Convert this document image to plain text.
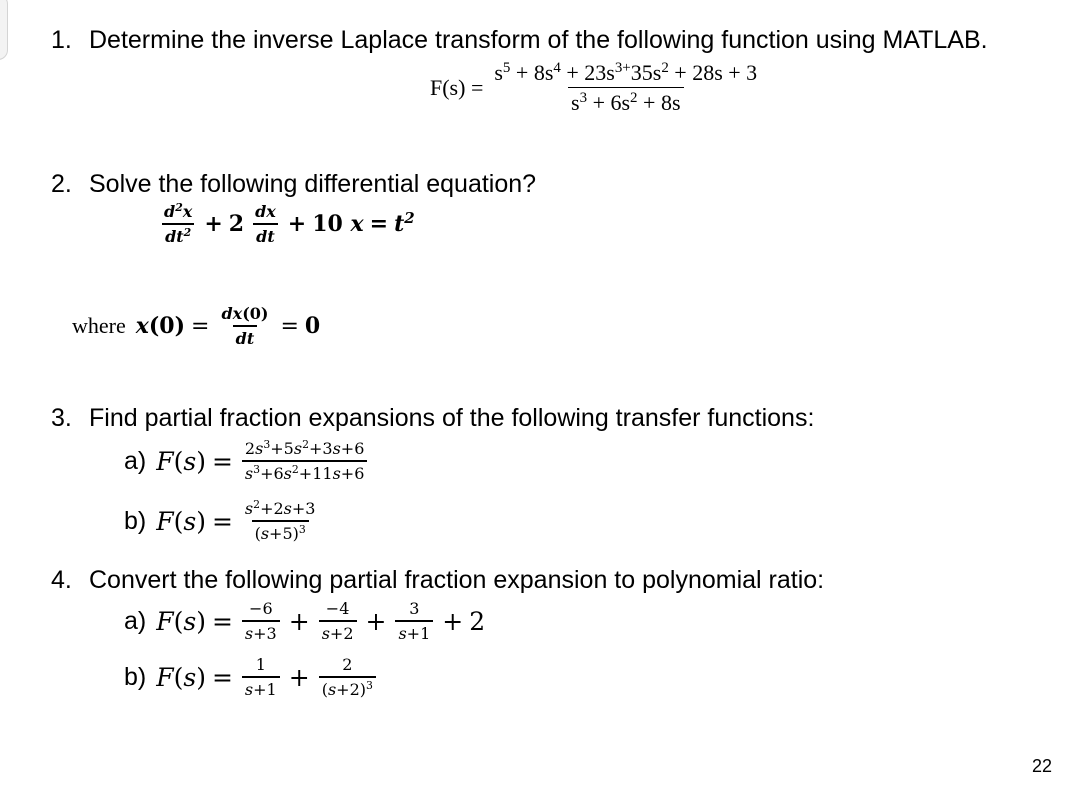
1. Determine the inverse Laplace transform of the following function using MATLAB.
$F(s) = \frac{s^5 + 8s^4 + 23s^{3+}35s^2 + 28s + 3}{s^3 + 6s^2 + 8s}$
2. Solve the following differential equation?
$\frac{d^2x}{dt^2} + 2 \frac{dx}{dt} + 10$
$x = t^2$
where $x(0) = \frac{dx(0)}{dt} = 0$
3. Find partial fraction expansions of the following transfer functions:
a) F ( s ) = $\frac{2s^3+5s^2+3s+6}{s^3+6s^2+11s+6}$
b) F ( s ) = $\frac{s^2+2s+3}{(s+5)^3}$
4. Convert the following partial fraction expansion to polynomial ratio:
a) F ( s ) = $\frac{-6}{s+3} + \frac{-4}{s+2} + \frac{3}{s+1} + 2$
b) F ( s ) = $\frac{1}{s+1} + \frac{2}{(s+2)^3}$
22
